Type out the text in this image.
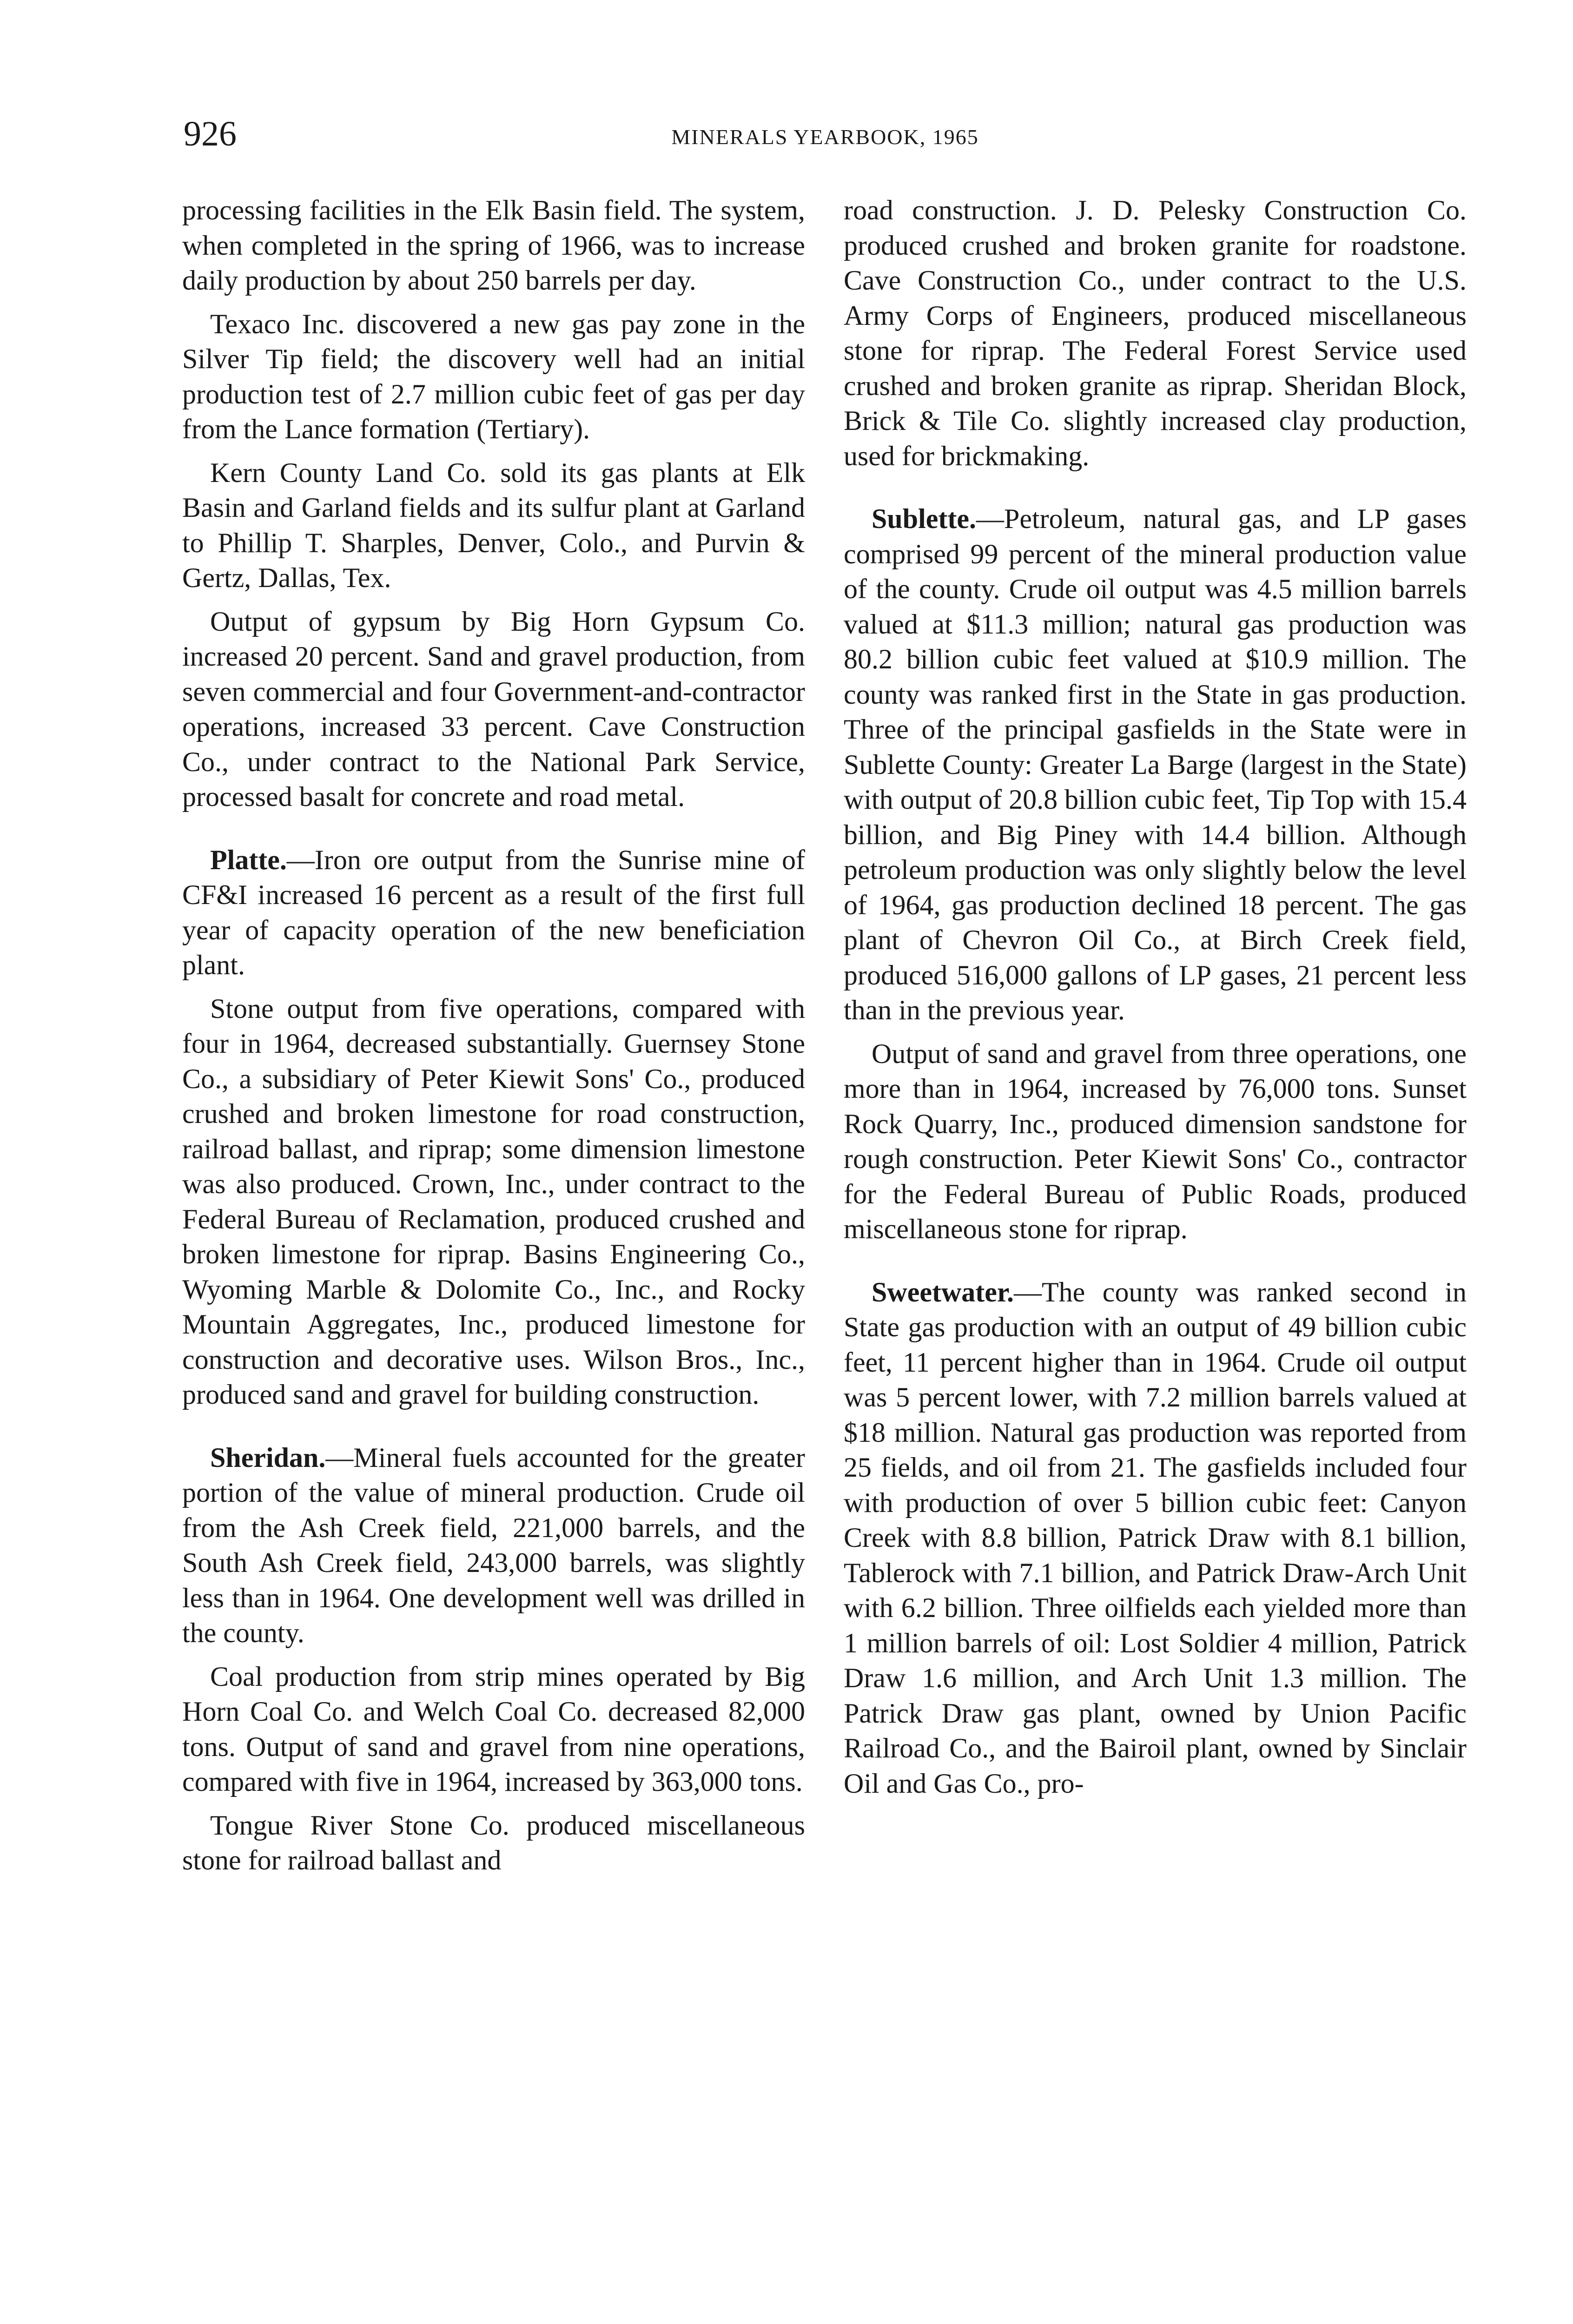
926	MINERALS YEARBOOK, 1965

processing facilities in the Elk Basin field. The system, when completed in the spring of 1966, was to increase daily production by about 250 barrels per day.

Texaco Inc. discovered a new gas pay zone in the Silver Tip field; the discovery well had an initial production test of 2.7 million cubic feet of gas per day from the Lance formation (Tertiary).

Kern County Land Co. sold its gas plants at Elk Basin and Garland fields and its sulfur plant at Garland to Phillip T. Sharples, Denver, Colo., and Purvin & Gertz, Dallas, Tex.

Output of gypsum by Big Horn Gypsum Co. increased 20 percent. Sand and gravel production, from seven commercial and four Government-and-contractor operations, increased 33 percent. Cave Construction Co., under contract to the National Park Service, processed basalt for concrete and road metal.

Platte.—Iron ore output from the Sunrise mine of CF&I increased 16 percent as a result of the first full year of capacity operation of the new beneficiation plant.

Stone output from five operations, compared with four in 1964, decreased substantially. Guernsey Stone Co., a subsidiary of Peter Kiewit Sons' Co., produced crushed and broken limestone for road construction, railroad ballast, and riprap; some dimension limestone was also produced. Crown, Inc., under contract to the Federal Bureau of Reclamation, produced crushed and broken limestone for riprap. Basins Engineering Co., Wyoming Marble & Dolomite Co., Inc., and Rocky Mountain Aggregates, Inc., produced limestone for construction and decorative uses. Wilson Bros., Inc., produced sand and gravel for building construction.

Sheridan.—Mineral fuels accounted for the greater portion of the value of mineral production. Crude oil from the Ash Creek field, 221,000 barrels, and the South Ash Creek field, 243,000 barrels, was slightly less than in 1964. One development well was drilled in the county.

Coal production from strip mines operated by Big Horn Coal Co. and Welch Coal Co. decreased 82,000 tons. Output of sand and gravel from nine operations, compared with five in 1964, increased by 363,000 tons.

Tongue River Stone Co. produced miscellaneous stone for railroad ballast and

road construction. J. D. Pelesky Construction Co. produced crushed and broken granite for roadstone. Cave Construction Co., under contract to the U.S. Army Corps of Engineers, produced miscellaneous stone for riprap. The Federal Forest Service used crushed and broken granite as riprap. Sheridan Block, Brick & Tile Co. slightly increased clay production, used for brickmaking.

Sublette.—Petroleum, natural gas, and LP gases comprised 99 percent of the mineral production value of the county. Crude oil output was 4.5 million barrels valued at $11.3 million; natural gas production was 80.2 billion cubic feet valued at $10.9 million. The county was ranked first in the State in gas production. Three of the principal gasfields in the State were in Sublette County: Greater La Barge (largest in the State) with output of 20.8 billion cubic feet, Tip Top with 15.4 billion, and Big Piney with 14.4 billion. Although petroleum production was only slightly below the level of 1964, gas production declined 18 percent. The gas plant of Chevron Oil Co., at Birch Creek field, produced 516,000 gallons of LP gases, 21 percent less than in the previous year.

Output of sand and gravel from three operations, one more than in 1964, increased by 76,000 tons. Sunset Rock Quarry, Inc., produced dimension sandstone for rough construction. Peter Kiewit Sons' Co., contractor for the Federal Bureau of Public Roads, produced miscellaneous stone for riprap.

Sweetwater.—The county was ranked second in State gas production with an output of 49 billion cubic feet, 11 percent higher than in 1964. Crude oil output was 5 percent lower, with 7.2 million barrels valued at $18 million. Natural gas production was reported from 25 fields, and oil from 21. The gasfields included four with production of over 5 billion cubic feet: Canyon Creek with 8.8 billion, Patrick Draw with 8.1 billion, Tablerock with 7.1 billion, and Patrick Draw-Arch Unit with 6.2 billion. Three oilfields each yielded more than 1 million barrels of oil: Lost Soldier 4 million, Patrick Draw 1.6 million, and Arch Unit 1.3 million. The Patrick Draw gas plant, owned by Union Pacific Railroad Co., and the Bairoil plant, owned by Sinclair Oil and Gas Co., pro-
